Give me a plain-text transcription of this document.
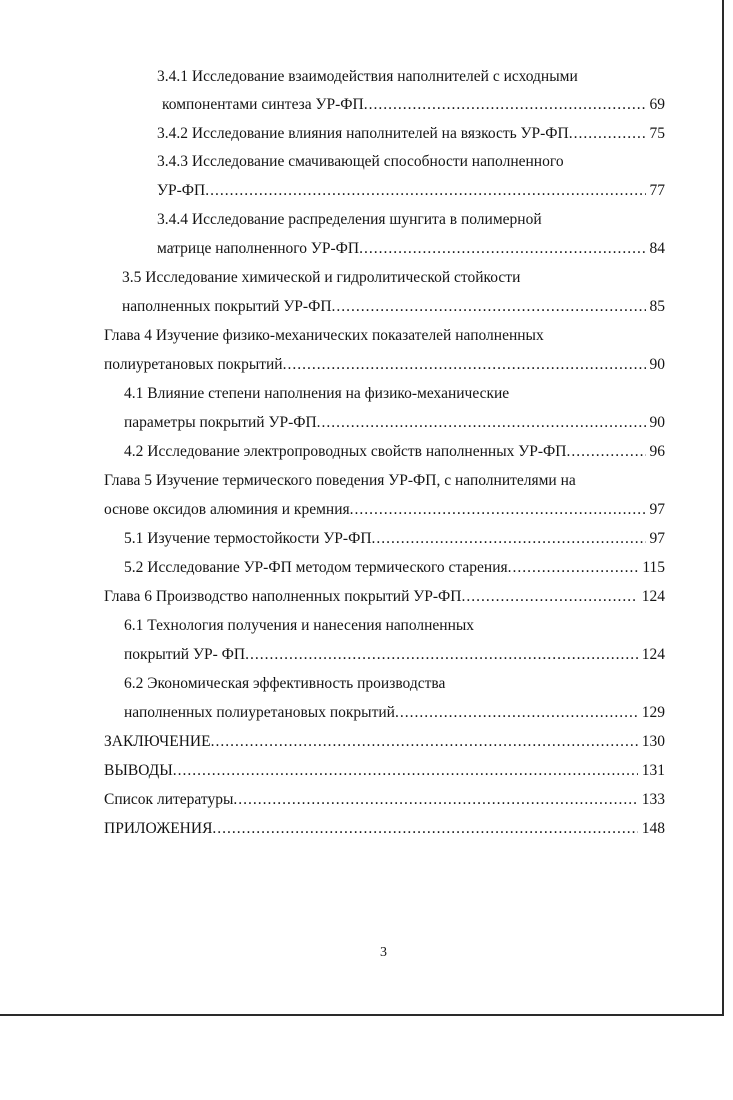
3.4.1 Исследование взаимодействия наполнителей с исходными
компонентами синтеза УР-ФП .....	69
3.4.2 Исследование влияния наполнителей на вязкость УР-ФП .....	75
3.4.3 Исследование смачивающей способности наполненного
УР-ФП .....	77
3.4.4 Исследование распределения шунгита в полимерной
матрице наполненного УР-ФП .....	84
3.5 Исследование химической и гидролитической стойкости
наполненных покрытий УР-ФП .....	85
Глава 4 Изучение физико-механических показателей наполненных
полиуретановых покрытий .....	90
4.1 Влияние степени наполнения на физико-механические
параметры покрытий УР-ФП .....	90
4.2 Исследование электропроводных свойств наполненных УР-ФП .....	96
Глава 5 Изучение термического поведения УР-ФП, с наполнителями на
основе оксидов алюминия и кремния .....	97
5.1 Изучение термостойкости УР-ФП .....	97
5.2 Исследование УР-ФП методом термического старения .....	115
Глава 6 Производство наполненных покрытий УР-ФП .....	124
6.1 Технология получения и нанесения наполненных
покрытий УР- ФП .....	124
6.2 Экономическая эффективность производства
наполненных полиуретановых покрытий .....	129
ЗАКЛЮЧЕНИЕ .....	130
ВЫВОДЫ .....	131
Список литературы .....	133
ПРИЛОЖЕНИЯ .....	148
3
